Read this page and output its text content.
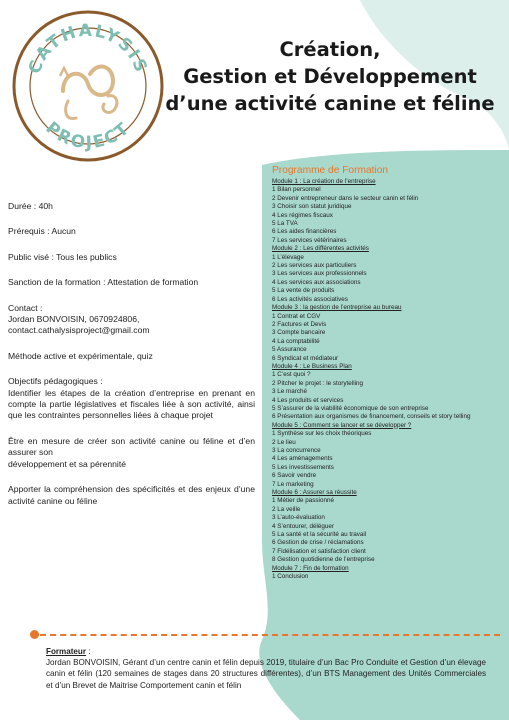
CATHALYSIS
PROJECT
Création,
Gestion et Développement
d’une activité canine et féline

Durée : 40h

Prérequis : Aucun

Public visé : Tous les publics

Sanction de la formation : Attestation de formation

Contact :

Jordan BONVOISIN, 0670924806,

contact.cathalysisproject@gmail.com

Méthode active et expérimentale, quiz

Objectifs pédagogiques :

Identifier les étapes de la création d’entreprise en prenant en compte la partie législatives et fiscales liée à son activité, ainsi que les contraintes personnelles liées à chaque projet

Être en mesure de créer son activité canine ou féline et d’en assurer son

développement et sa pérennité

Apporter la compréhension des spécificités et des enjeux d’une activité canine ou féline

Programme de Formation
Module 1 : La création de l’entreprise
1 Bilan personnel
2 Devenir entrepreneur dans le secteur canin et félin
3 Choisir son statut juridique
4 Les régimes fiscaux
5 La TVA
6 Les aides financières
7 Les services vétérinaires
Module 2 : Les différentes activités
1 L’élevage
2 Les services aux particuliers
3 Les services aux professionnels
4 Les services aux associations
5 La vente de produits
6 Les activités associatives
Module 3 : la gestion de l’entreprise au bureau
1 Contrat et CGV
2 Factures et Devis
3 Compte bancaire
4 La comptabilité
5 Assurance
6 Syndicat et médiateur
Module 4 : Le Business Plan
1 C’est quoi ?
2 Pitcher le projet : le storytelling
3 Le marché
4 Les produits et services
5 S’assurer de la viabilité économique de son entreprise
6 Présentation aux organismes de financement, conseils et story telling
Module 5 : Comment se lancer et se développer ?
1 Synthèse sur les choix théoriques
2 Le lieu
3 La concurrence
4 Les aménagements
5 Les investissements
6 Savoir vendre
7 Le marketing
Module 6 : Assurer sa réussite
1 Métier de passionné
2 La veille
3 L’auto-évaluation
4 S’entourer, déléguer
5 La santé et la sécurité au travail
6 Gestion de crise / réclamations
7 Fidélisation et satisfaction client
8 Gestion quotidienne de l’entreprise
Module 7 : Fin de formation
1 Conclusion
Formateur :
Jordan BONVOISIN, Gérant d’un centre canin et félin depuis 2019, titulaire d’un Bac Pro Conduite et Gestion d’un élevage canin et félin (120 semaines de stages dans 20 structures différentes), d’un BTS Management des Unités Commerciales et d’un Brevet de Maitrise Comportement canin et félin
